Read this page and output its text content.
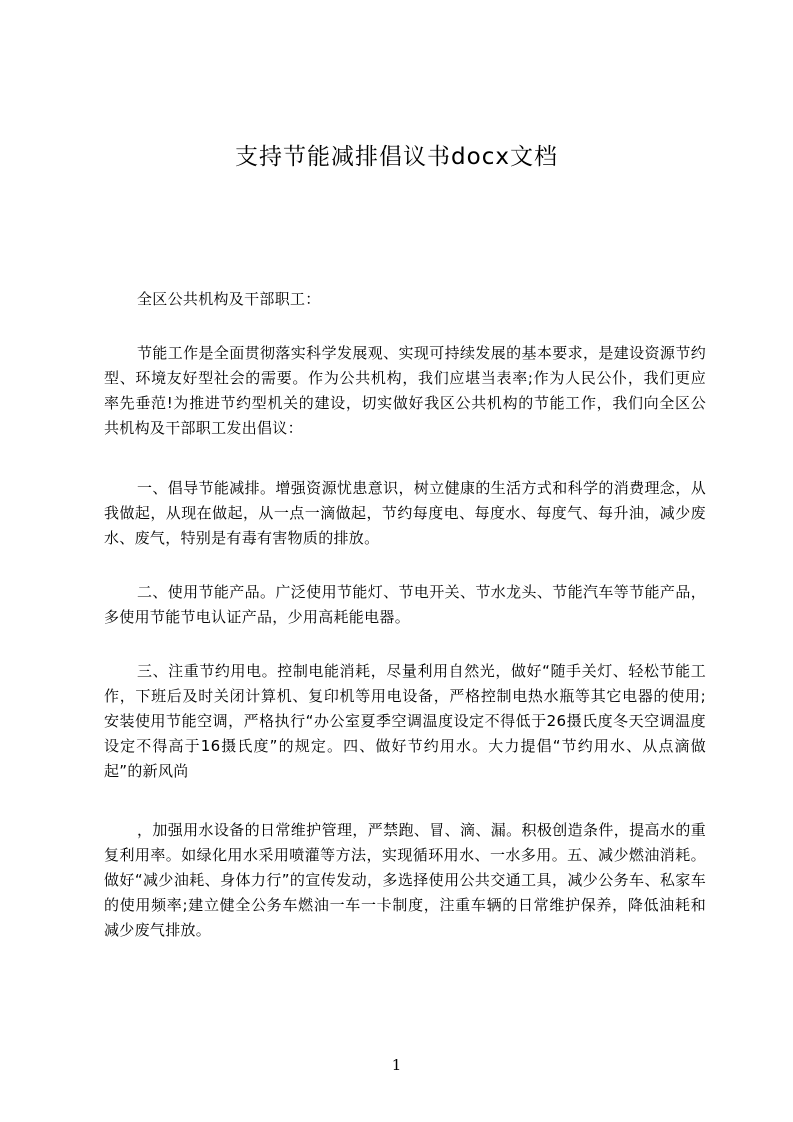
支持节能减排倡议书docx文档

全区公共机构及干部职工：

节能工作是全面贯彻落实科学发展观、实现可持续发展的基本要求，是建设资源节约型、环境友好型社会的需要。作为公共机构，我们应堪当表率;作为人民公仆，我们更应率先垂范!为推进节约型机关的建设，切实做好我区公共机构的节能工作，我们向全区公共机构及干部职工发出倡议：

一、倡导节能减排。增强资源忧患意识，树立健康的生活方式和科学的消费理念，从我做起，从现在做起，从一点一滴做起，节约每度电、每度水、每度气、每升油，减少废水、废气，特别是有毒有害物质的排放。

二、使用节能产品。广泛使用节能灯、节电开关、节水龙头、节能汽车等节能产品，多使用节能节电认证产品，少用高耗能电器。

三、注重节约用电。控制电能消耗，尽量利用自然光，做好“随手关灯、轻松节能工作，下班后及时关闭计算机、复印机等用电设备，严格控制电热水瓶等其它电器的使用;安装使用节能空调，严格执行“办公室夏季空调温度设定不得低于26摄氏度冬天空调温度设定不得高于16摄氏度”的规定。四、做好节约用水。大力提倡“节约用水、从点滴做起”的新风尚

，加强用水设备的日常维护管理，严禁跑、冒、滴、漏。积极创造条件，提高水的重复利用率。如绿化用水采用喷灌等方法，实现循环用水、一水多用。五、减少燃油消耗。做好“减少油耗、身体力行”的宣传发动，多选择使用公共交通工具，减少公务车、私家车的使用频率;建立健全公务车燃油一车一卡制度，注重车辆的日常维护保养，降低油耗和减少废气排放。

1
